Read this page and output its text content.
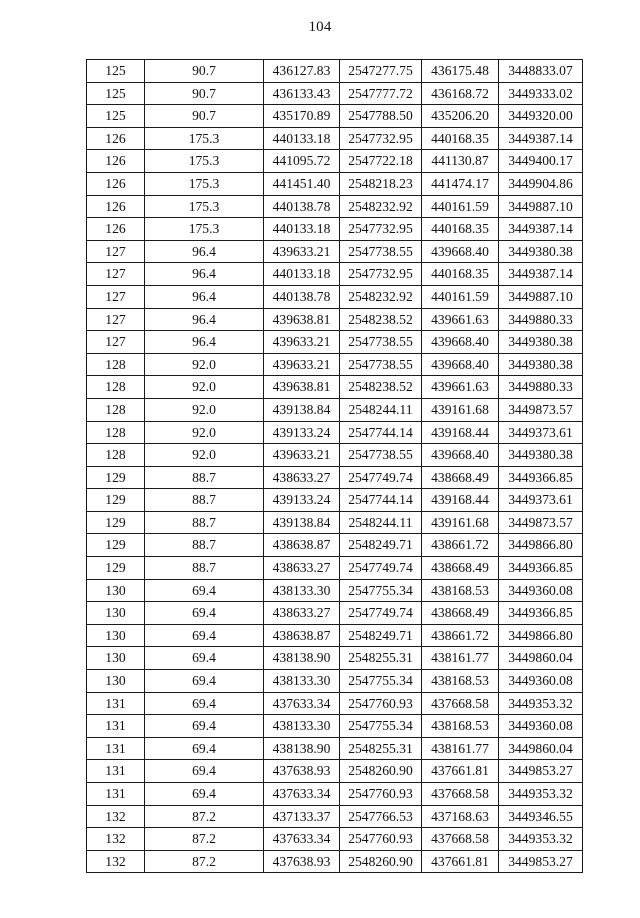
104
125	90.7	436127.83	2547277.75	436175.48	3448833.07
125	90.7	436133.43	2547777.72	436168.72	3449333.02
125	90.7	435170.89	2547788.50	435206.20	3449320.00
126	175.3	440133.18	2547732.95	440168.35	3449387.14
126	175.3	441095.72	2547722.18	441130.87	3449400.17
126	175.3	441451.40	2548218.23	441474.17	3449904.86
126	175.3	440138.78	2548232.92	440161.59	3449887.10
126	175.3	440133.18	2547732.95	440168.35	3449387.14
127	96.4	439633.21	2547738.55	439668.40	3449380.38
127	96.4	440133.18	2547732.95	440168.35	3449387.14
127	96.4	440138.78	2548232.92	440161.59	3449887.10
127	96.4	439638.81	2548238.52	439661.63	3449880.33
127	96.4	439633.21	2547738.55	439668.40	3449380.38
128	92.0	439633.21	2547738.55	439668.40	3449380.38
128	92.0	439638.81	2548238.52	439661.63	3449880.33
128	92.0	439138.84	2548244.11	439161.68	3449873.57
128	92.0	439133.24	2547744.14	439168.44	3449373.61
128	92.0	439633.21	2547738.55	439668.40	3449380.38
129	88.7	438633.27	2547749.74	438668.49	3449366.85
129	88.7	439133.24	2547744.14	439168.44	3449373.61
129	88.7	439138.84	2548244.11	439161.68	3449873.57
129	88.7	438638.87	2548249.71	438661.72	3449866.80
129	88.7	438633.27	2547749.74	438668.49	3449366.85
130	69.4	438133.30	2547755.34	438168.53	3449360.08
130	69.4	438633.27	2547749.74	438668.49	3449366.85
130	69.4	438638.87	2548249.71	438661.72	3449866.80
130	69.4	438138.90	2548255.31	438161.77	3449860.04
130	69.4	438133.30	2547755.34	438168.53	3449360.08
131	69.4	437633.34	2547760.93	437668.58	3449353.32
131	69.4	438133.30	2547755.34	438168.53	3449360.08
131	69.4	438138.90	2548255.31	438161.77	3449860.04
131	69.4	437638.93	2548260.90	437661.81	3449853.27
131	69.4	437633.34	2547760.93	437668.58	3449353.32
132	87.2	437133.37	2547766.53	437168.63	3449346.55
132	87.2	437633.34	2547760.93	437668.58	3449353.32
132	87.2	437638.93	2548260.90	437661.81	3449853.27
